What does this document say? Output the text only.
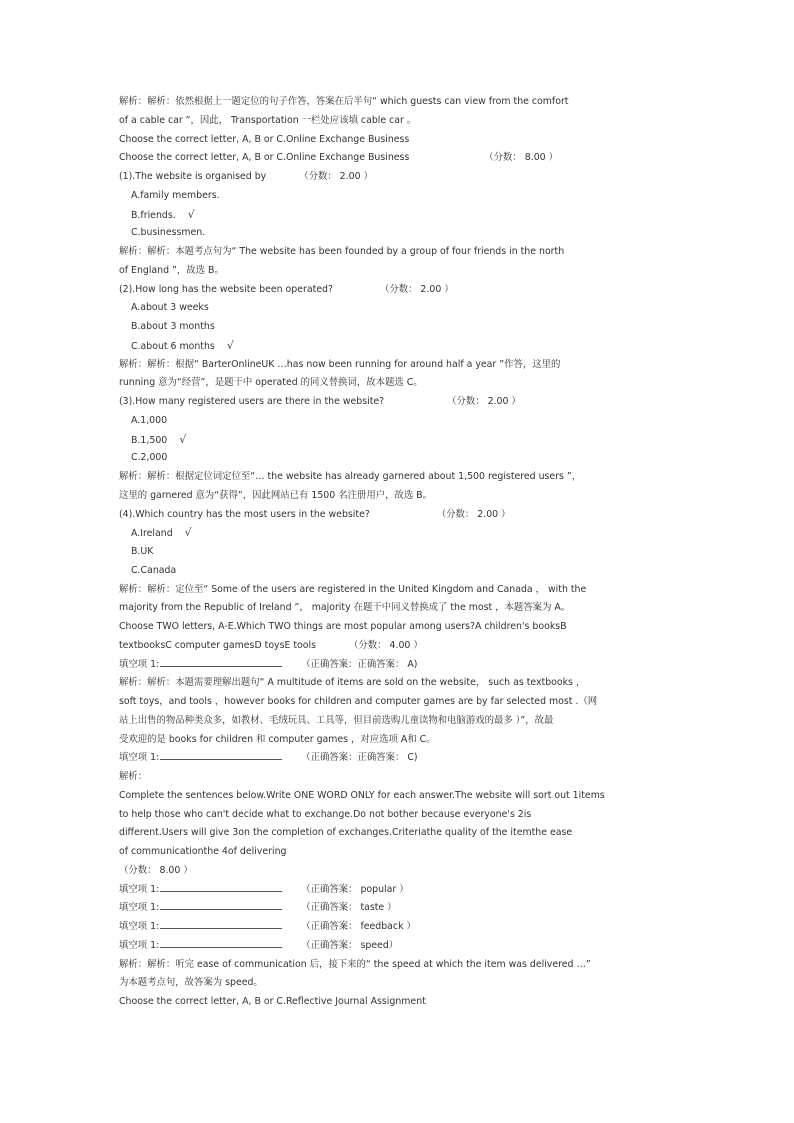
解析：解析：依然根据上一题定位的句子作答，答案在后半句“ which guests can view from the comfort
of a cable car ”，因此， Transportation 一栏处应该填 cable car 。
Choose the correct letter, A, B or C.Online Exchange Business
Choose the correct letter, A, B or C.Online Exchange Business	（分数： 8.00 ）
(1).The website is organised by	（分数： 2.00 ）
A.family members.
B.friends. √
C.businessmen.
解析：解析：本题考点句为“ The website has been founded by a group of four friends in the north
of England ”，故选 B。
(2).How long has the website been operated?	（分数： 2.00 ）
A.about 3 weeks
B.about 3 months
C.about 6 months √
解析：解析：根据“ BarterOnlineUK …has now been running for around half a year ”作答，这里的
running 意为“经营”，是题干中 operated 的同义替换词，故本题选 C。
(3).How many registered users are there in the website?	（分数： 2.00 ）
A.1,000
B.1,500 √
C.2,000
解析：解析：根据定位词定位至“… the website has already garnered about 1,500 registered users ”，
这里的 garnered 意为“获得”，因此网站已有 1500 名注册用户，故选 B。
(4).Which country has the most users in the website?	（分数： 2.00 ）
A.Ireland √
B.UK
C.Canada
解析：解析：定位至“ Some of the users are registered in the United Kingdom and Canada ， with the
majority from the Republic of Ireland ”， majority 在题干中同义替换成了 the most ，本题答案为 A。
Choose TWO letters, A-E.Which TWO things are most popular among users?A children's booksB
textbooksC computer gamesD toysE tools	（分数： 4.00 ）
填空项 1:	（正确答案：正确答案： A)
解析：解析：本题需要理解出题句“ A multitude of items are sold on the website， such as textbooks ，
soft toys，and tools ，however books for children and computer games are by far selected most .（网
站上出售的物品种类众多，如教材、毛绒玩具、工具等，但目前选购儿童读物和电脑游戏的最多 ）”，故最
受欢迎的是 books for children 和 computer games ，对应选项 A和 C。
填空项 1:	（正确答案：正确答案： C)
解析：
Complete the sentences below.Write ONE WORD ONLY for each answer.The website will sort out 1items
to help those who can't decide what to exchange.Do not bother because everyone's 2is
different.Users will give 3on the completion of exchanges.Criteriathe quality of the itemthe ease
of communicationthe 4of delivering
（分数： 8.00 ）
填空项 1:	（正确答案： popular ）
填空项 1:	（正确答案： taste ）
填空项 1:	（正确答案： feedback ）
填空项 1:	（正确答案： speed）
解析：解析：听完 ease of communication 后，接下来的“ the speed at which the item was delivered …”
为本题考点句，故答案为 speed。
Choose the correct letter, A, B or C.Reflective Journal Assignment
